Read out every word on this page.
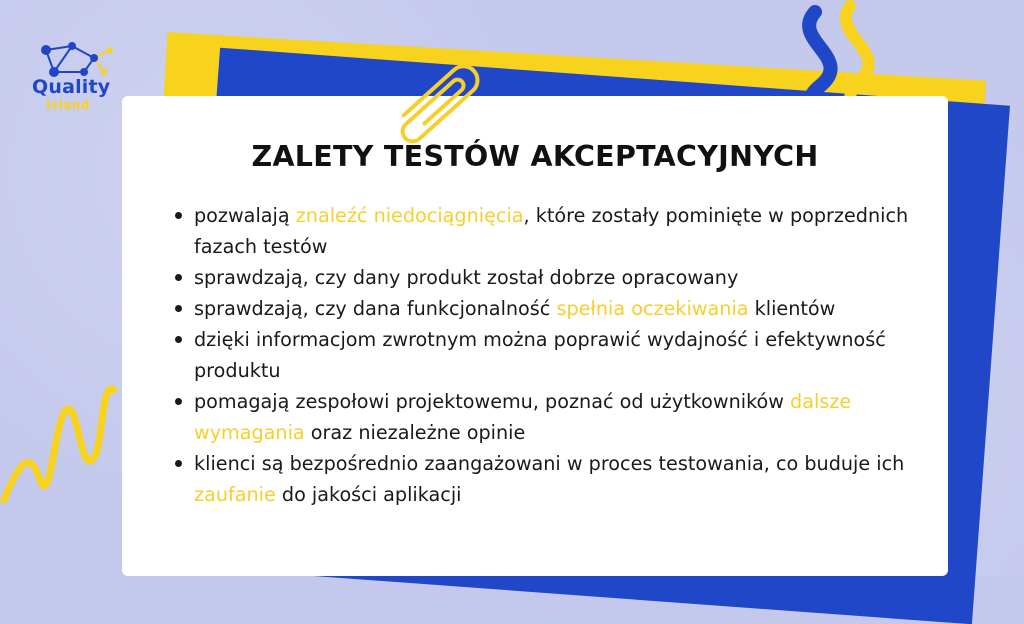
ZALETY TESTÓW AKCEPTACYJNYCH
pozwalają znaleźć niedociągnięcia, które zostały pominięte w poprzednich fazach testów
sprawdzają, czy dany produkt został dobrze opracowany
sprawdzają, czy dana funkcjonalność spełnia oczekiwania klientów
dzięki informacjom zwrotnym można poprawić wydajność i efektywność produktu
pomagają zespołowi projektowemu, poznać od użytkowników dalsze wymagania oraz niezależne opinie
klienci są bezpośrednio zaangażowani w proces testowania, co buduje ich zaufanie do jakości aplikacji
Quality
Island
